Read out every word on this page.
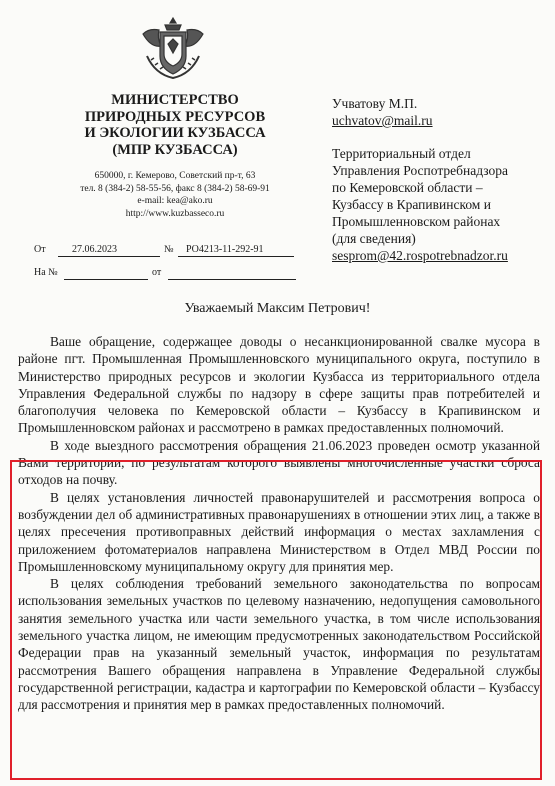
МИНИСТЕРСТВО
ПРИРОДНЫХ РЕСУРСОВ
И ЭКОЛОГИИ КУЗБАССА
(МПР КУЗБАССА)
650000, г. Кемерово, Советский пр-т, 63
тел. 8 (384-2) 58-55-56, факс 8 (384-2) 58-69-91
e-mail: kea@ako.ru
http://www.kuzbasseco.ru
От	27.06.2023	№ РО4213-11-292-91
На №	от
Учватову М.П.
uchvatov@mail.ru
Территориальный отдел
Управления Роспотребнадзора
по Кемеровской области –
Кузбассу в Крапивинском и
Промышленновском районах
(для сведения)
sesprom@42.rospotrebnadzor.ru
Уважаемый Максим Петрович!

Ваше обращение, содержащее доводы о несанкционированной свалке мусора в районе пгт. Промышленная Промышленновского муниципального округа, поступило в Министерство природных ресурсов и экологии Кузбасса из территориального отдела Управления Федеральной службы по надзору в сфере защиты прав потребителей и благополучия человека по Кемеровской области – Кузбассу в Крапивинском и Промышленновском районах и рассмотрено в рамках предоставленных полномочий.

В ходе выездного рассмотрения обращения 21.06.2023 проведен осмотр указанной Вами территории, по результатам которого выявлены многочисленные участки сброса отходов на почву.

В целях установления личностей правонарушителей и рассмотрения вопроса о возбуждении дел об административных правонарушениях в отношении этих лиц, а также в целях пресечения противоправных действий информация о местах захламления с приложением фотоматериалов направлена Министерством в Отдел МВД России по Промышленновскому муниципальному округу для принятия мер.

В целях соблюдения требований земельного законодательства по вопросам использования земельных участков по целевому назначению, недопущения самовольного занятия земельного участка или части земельного участка, в том числе использования земельного участка лицом, не имеющим предусмотренных законодательством Российской Федерации прав на указанный земельный участок, информация по результатам рассмотрения Вашего обращения направлена в Управление Федеральной службы государственной регистрации, кадастра и картографии по Кемеровской области – Кузбассу для рассмотрения и принятия мер в рамках предоставленных полномочий.
